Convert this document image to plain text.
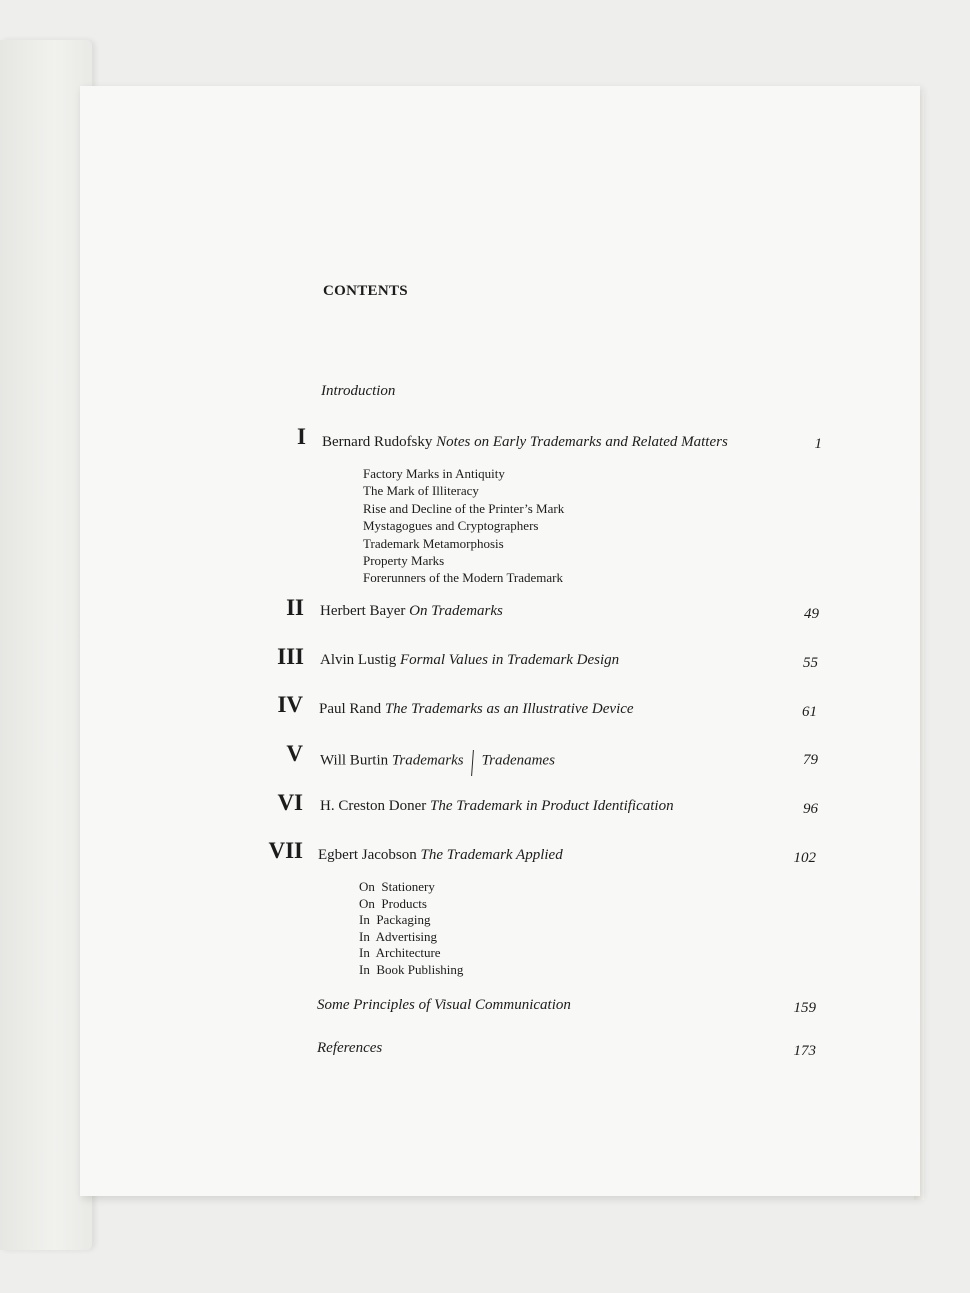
CONTENTS
Introduction
I Bernard Rudofsky Notes on Early Trademarks and Related Matters	1
Factory Marks in Antiquity
The Mark of Illiteracy
Rise and Decline of the Printer’s Mark
Mystagogues and Cryptographers
Trademark Metamorphosis
Property Marks
Forerunners of the Modern Trademark
II Herbert Bayer On Trademarks	49
III Alvin Lustig Formal Values in Trademark Design	55
IV Paul Rand The Trademarks as an Illustrative Device	61
V Will Burtin Trademarks Tradenames	79
VI H. Creston Doner The Trademark in Product Identification	96
VII Egbert Jacobson The Trademark Applied	102
On  Stationery
On  Products
In  Packaging
In  Advertising
In  Architecture
In  Book Publishing
Some Principles of Visual Communication	159
References	173
